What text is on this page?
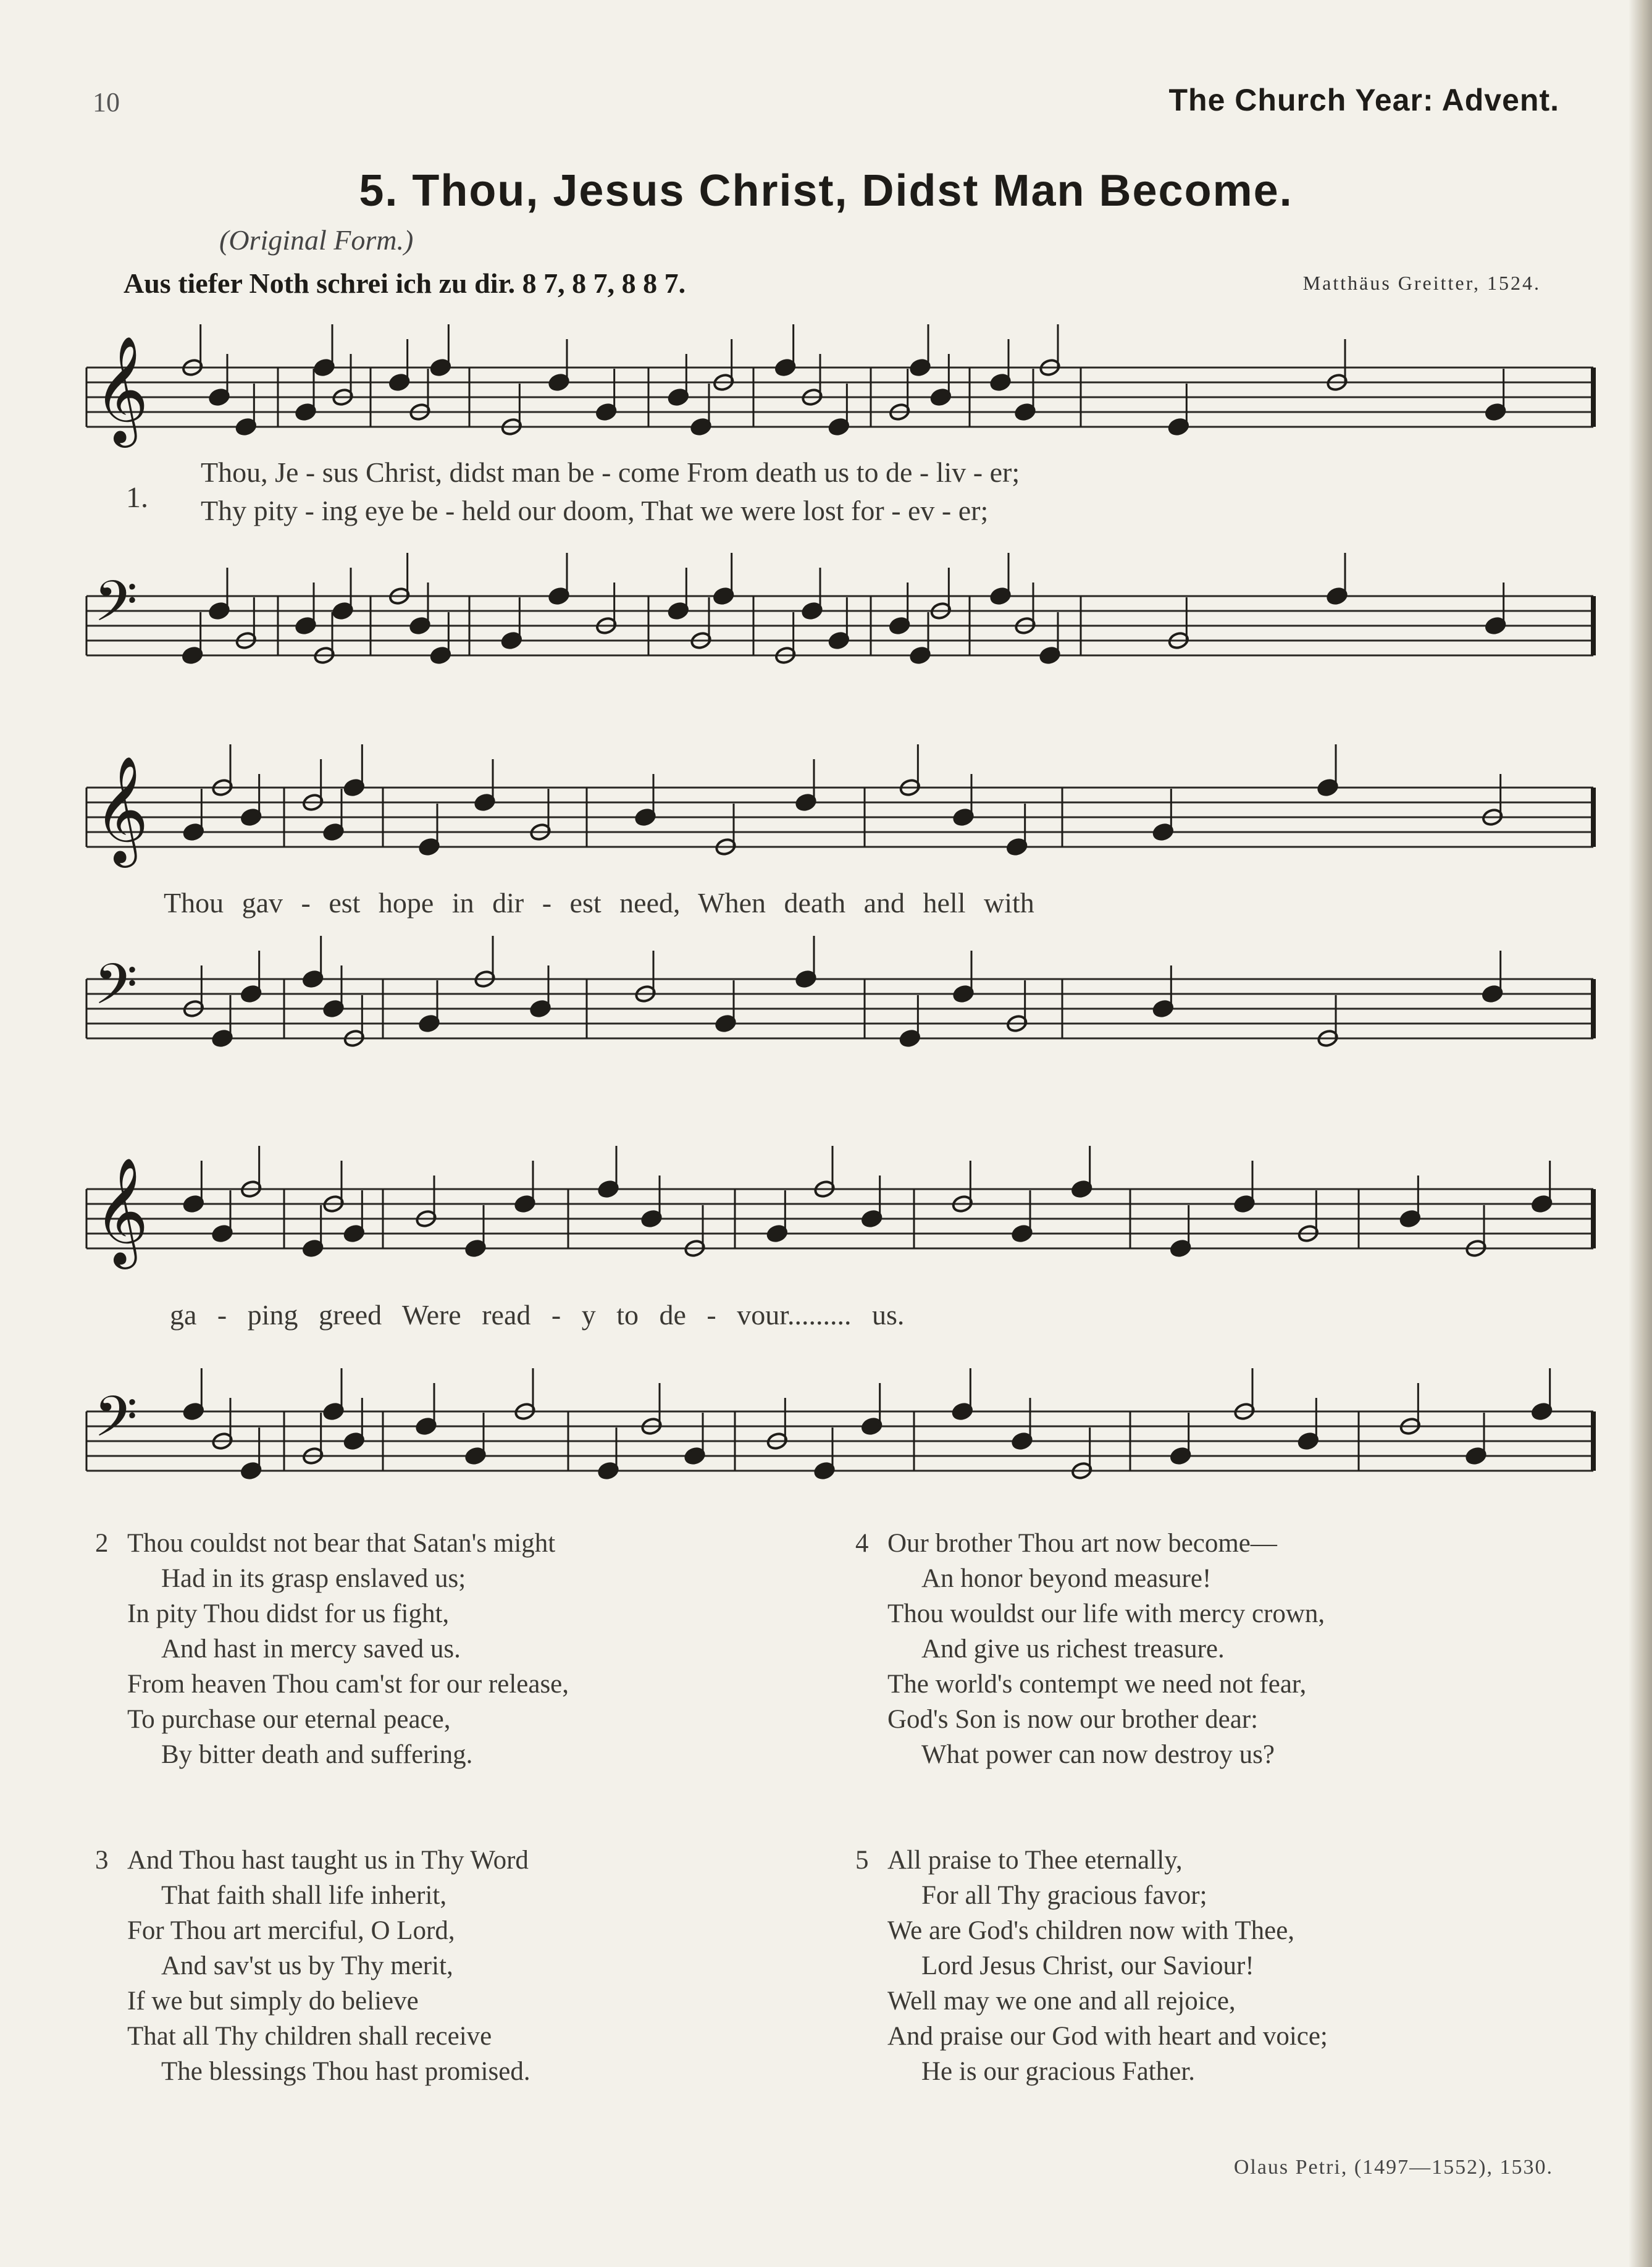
10	The Church Year: Advent.
5. Thou, Jesus Christ, Didst Man Become.
(Original Form.)
Aus tiefer Noth schrei ich zu dir. 8 7, 8 7, 8 8 7.	Matthäus Greitter, 1524.
𝄞
𝄢
1.
Thou, Je - sus Christ, didst man be - come From death us to de - liv - er;
Thy pity - ing eye be - held our doom, That we were lost for - ev - er;
𝄞
𝄢
Thou gav - est hope in dir - est need, When death and hell with
𝄞
𝄢
ga - ping greed Were read - y to de - vour......... us.
2 Thou couldst not bear that Satan's might
Had in its grasp enslaved us;
In pity Thou didst for us fight,
And hast in mercy saved us.
From heaven Thou cam'st for our release,
To purchase our eternal peace,
By bitter death and suffering.
3 And Thou hast taught us in Thy Word
That faith shall life inherit,
For Thou art merciful, O Lord,
And sav'st us by Thy merit,
If we but simply do believe
That all Thy children shall receive
The blessings Thou hast promised.
4 Our brother Thou art now become—
An honor beyond measure!
Thou wouldst our life with mercy crown,
And give us richest treasure.
The world's contempt we need not fear,
God's Son is now our brother dear:
What power can now destroy us?
5 All praise to Thee eternally,
For all Thy gracious favor;
We are God's children now with Thee,
Lord Jesus Christ, our Saviour!
Well may we one and all rejoice,
And praise our God with heart and voice;
He is our gracious Father.
Olaus Petri, (1497—1552), 1530.
